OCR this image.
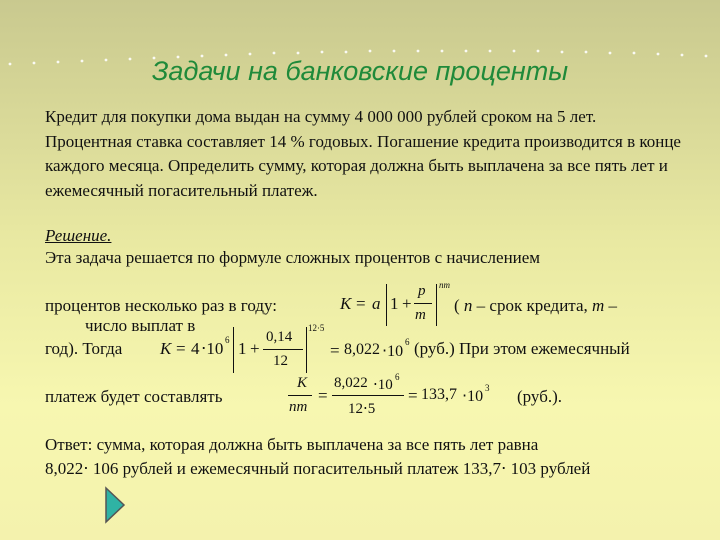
Задачи на банковские проценты
Кредит для покупки дома выдан на сумму 4 000 000 рублей сроком на 5 лет. Процентная ставка составляет 14 % годовых. Погашение кредита производится в конце каждого месяца. Определить сумму, которая должна быть выплачена за все пять лет и ежемесячный погасительный платеж.
Решение.
Эта задача решается по формуле сложных процентов с начислением
процентов несколько раз в году:	K = a 1 +
p
m
nm
( n – срок кредита, m –
число выплат в
год). Тогда K = 4 ⋅10 6 1 +
0,14
12
12⋅5
= 8,022 ⋅10
6 (руб.) При этом ежемесячный
платеж будет составлять
K
nm
=
8,022 ⋅10 6
12⋅5
= 133,7 ⋅10 3 (руб.).
Ответ: сумма, которая должна быть выплачена за все пять лет равна
8,022⋅ 106 рублей и ежемесячный погасительный платеж 133,7⋅ 103 рублей
